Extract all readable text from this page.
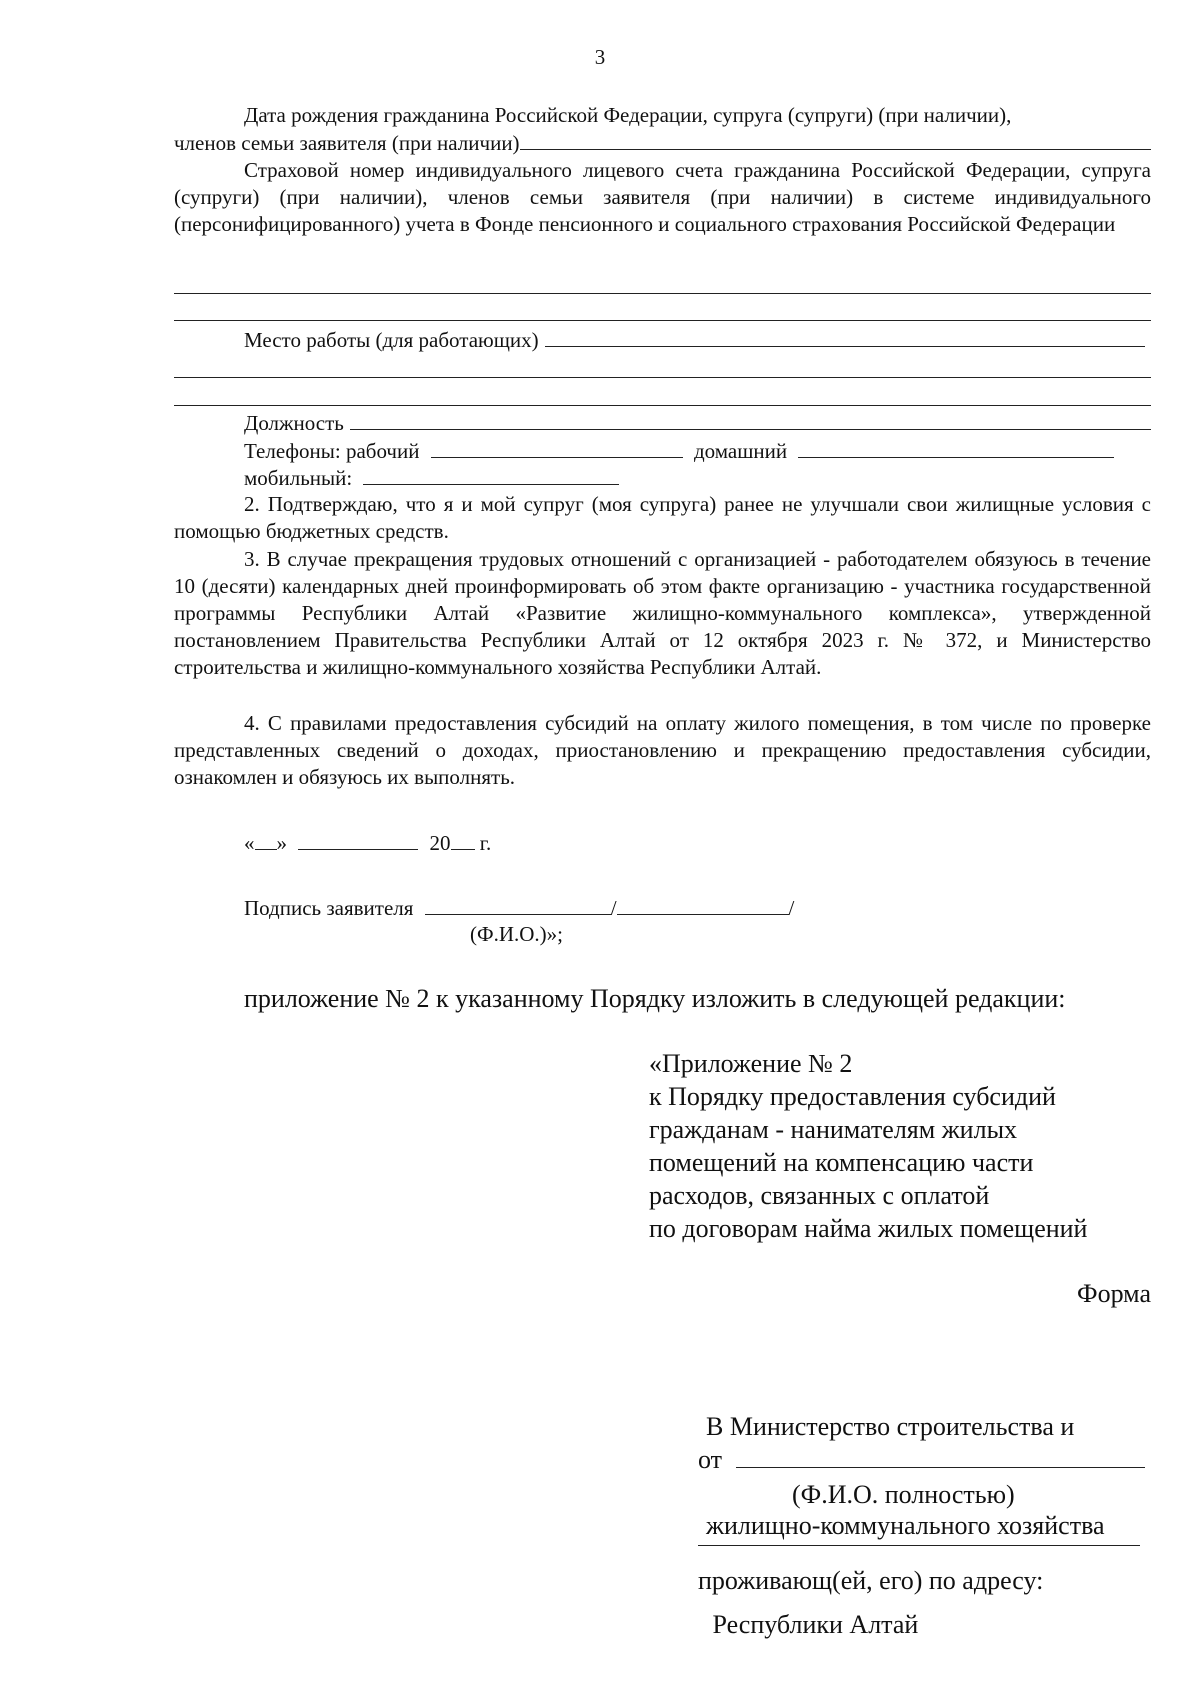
3
Дата рождения гражданина Российской Федерации, супруга (супруги) (при наличии),
членов семьи заявителя (при наличии)
Страховой номер индивидуального лицевого счета гражданина Российской Федерации, супруга (супруги) (при наличии), членов семьи заявителя (при наличии) в системе индивидуального (персонифицированного) учета в Фонде пенсионного и социального страхования Российской Федерации
Место работы (для работающих)
Должность
Телефоны: рабочий	домашний
мобильный:
2. Подтверждаю, что я и мой супруг (моя супруга) ранее не улучшали свои жилищные условия с помощью бюджетных средств.
3. В случае прекращения трудовых отношений с организацией - работодателем обязуюсь в течение 10 (десяти) календарных дней проинформировать об этом факте организацию - участника государственной программы Республики Алтай «Развитие жилищно-коммунального комплекса», утвержденной постановлением Правительства Республики Алтай от 12 октября 2023 г. № 372, и Министерство строительства и жилищно-коммунального хозяйства Республики Алтай.
4. С правилами предоставления субсидий на оплату жилого помещения, в том числе по проверке представленных сведений о доходах, приостановлению и прекращению предоставления субсидии, ознакомлен и обязуюсь их выполнять.
« »	20 г.
Подпись заявителя	/	/
(Ф.И.О.)»;
приложение № 2 к указанному Порядку изложить в следующей редакции:
«Приложение № 2
к Порядку предоставления субсидий
гражданам - нанимателям жилых
помещений на компенсацию части
расходов, связанных с оплатой
по договорам найма жилых помещений
Форма

В Министерство строительства и

жилищно-коммунального хозяйства

Республики Алтай

от
(Ф.И.О. полностью)
проживающ(ей, его) по адресу:
